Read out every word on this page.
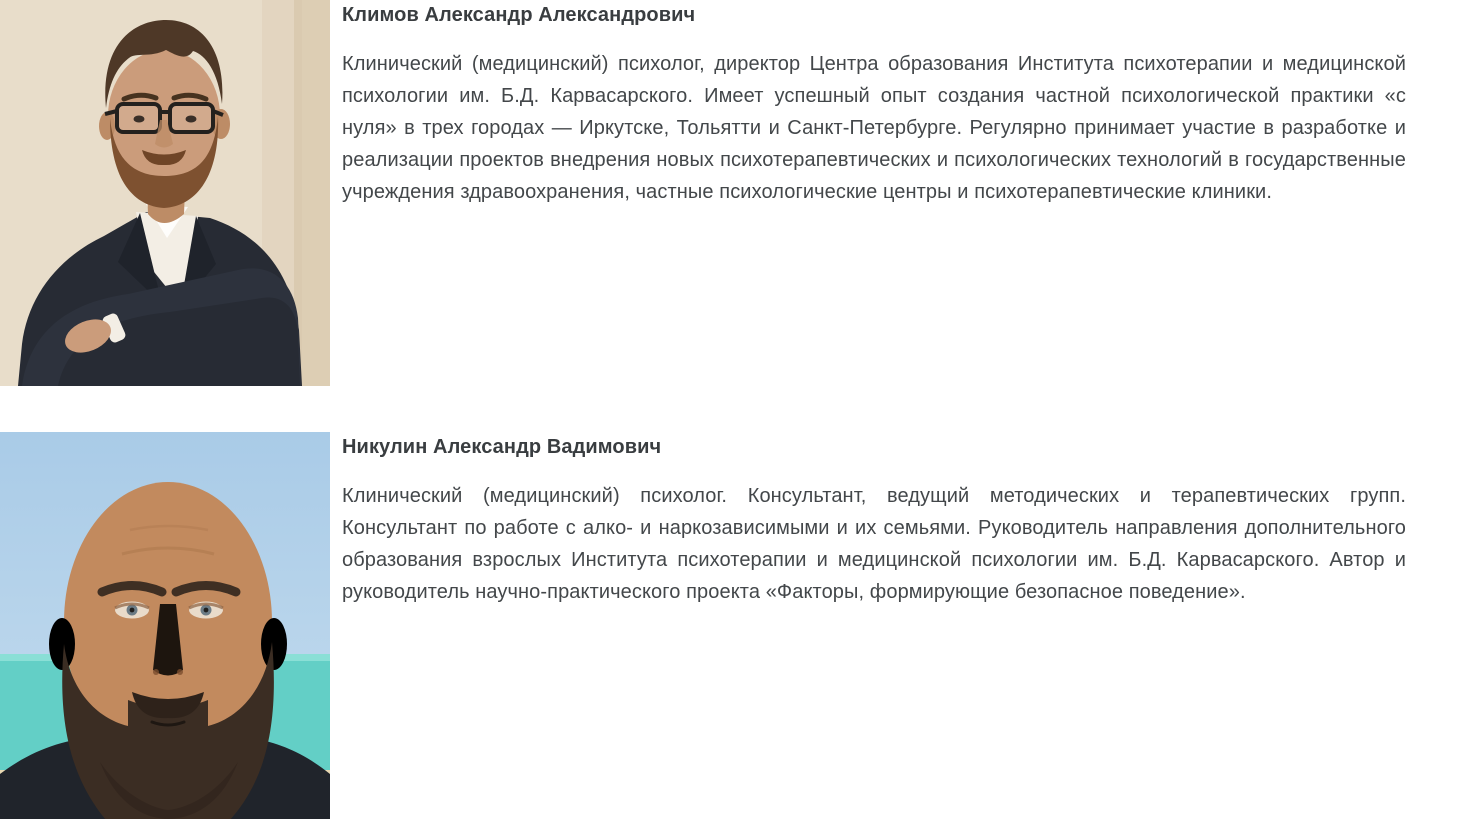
Климов Александр Александрович

Клинический (медицинский) психолог, директор Центра образования Института психотерапии и медицинской психологии им. Б.Д. Карвасарского. Имеет успешный опыт создания частной психологической практики «с нуля» в трех городах — Иркутске, Тольятти и Санкт-Петербурге. Регулярно принимает участие в разработке и реализации проектов внедрения новых психотерапевтических и психологических технологий в государственные учреждения здравоохранения, частные психологические центры и психотерапевтические клиники.

Никулин Александр Вадимович

Клинический (медицинский) психолог. Консультант, ведущий методических и терапевтических групп. Консультант по работе с алко- и наркозависимыми и их семьями. Руководитель направления дополнительного образования взрослых Института психотерапии и медицинской психологии им. Б.Д. Карвасарского. Автор и руководитель научно-практического проекта «Факторы, формирующие безопасное поведение».
